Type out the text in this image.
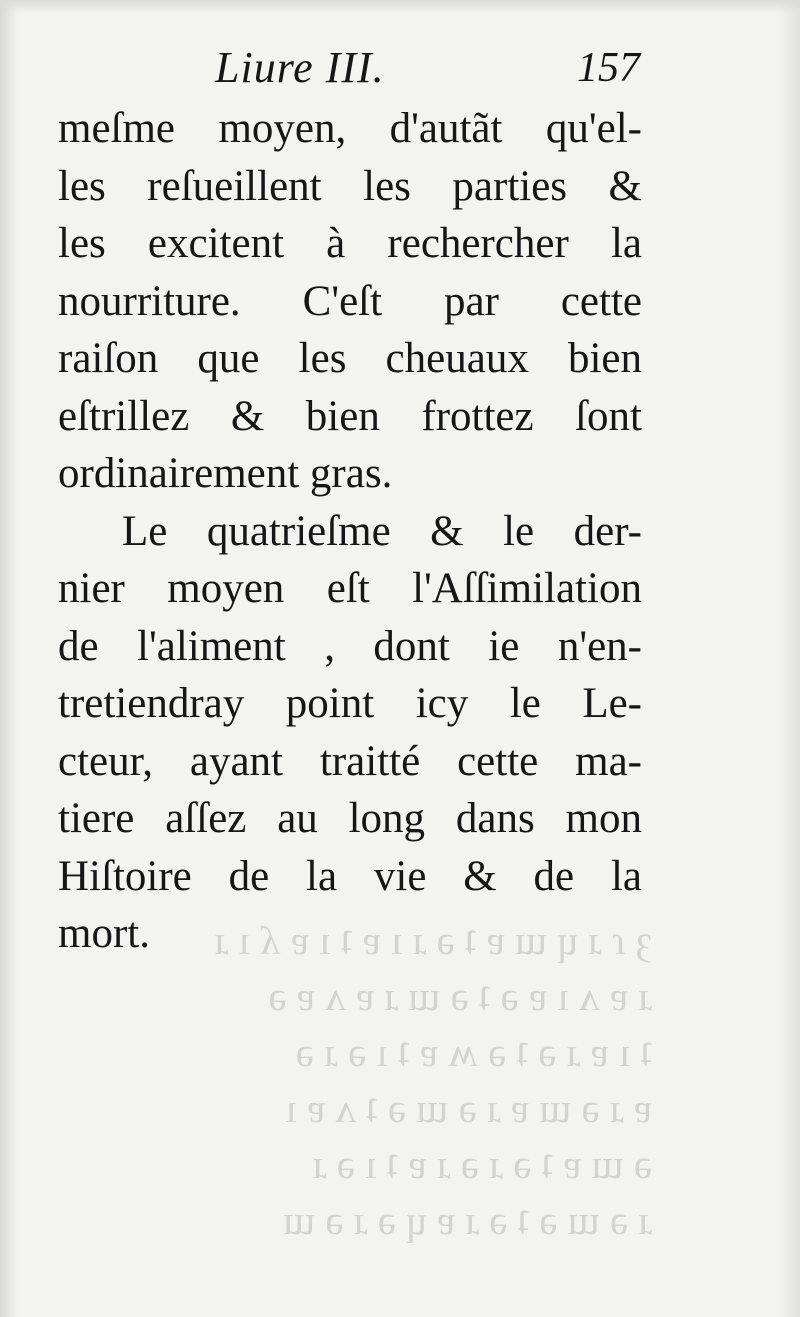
Liure III.	157
meſme moyen, d'autãt qu'el-
les reſueillent les parties &
les excitent à rechercher la
nourriture. C'eſt par cette
raiſon que les cheuaux bien
eſtrillez & bien frottez ſont
ordinairement gras.
Le quatrieſme & le der-
nier moyen eſt l'Aſſimilation
de l'aliment , dont ie n'en-
tretiendray point icy le Le-
cteur, ayant traitté cette ma-
tiere aſſez au long dans mon
Hiſtoire de la vie & de la
mort.	ȝ ɾ ɹ ɥ ɯ ɐ ʇ ǝ ɹ ı ɐ ʇ ı ɐ ʎ ı ɹ
ɹ ɐ ʌ ı ɐ ǝ ʇ ǝ ɯ ɹ ɐ ʌ ɐ ǝ
ʇ ı ɐ ɹ ǝ ʇ ǝ ʍ ɐ ʇ ı ǝ ɹ ǝ
ɐ ɹ ǝ ɯ ɐ ɹ ǝ ɯ ǝ ʇ ʌ ɐ ı
ǝ ɯ ɐ ʇ ǝ ɹ ǝ ɹ ɐ ʇ ı ǝ ɹ
ɹ ǝ ɯ ǝ ʇ ǝ ɹ ɐ ɥ ǝ ɹ ǝ ɯ
